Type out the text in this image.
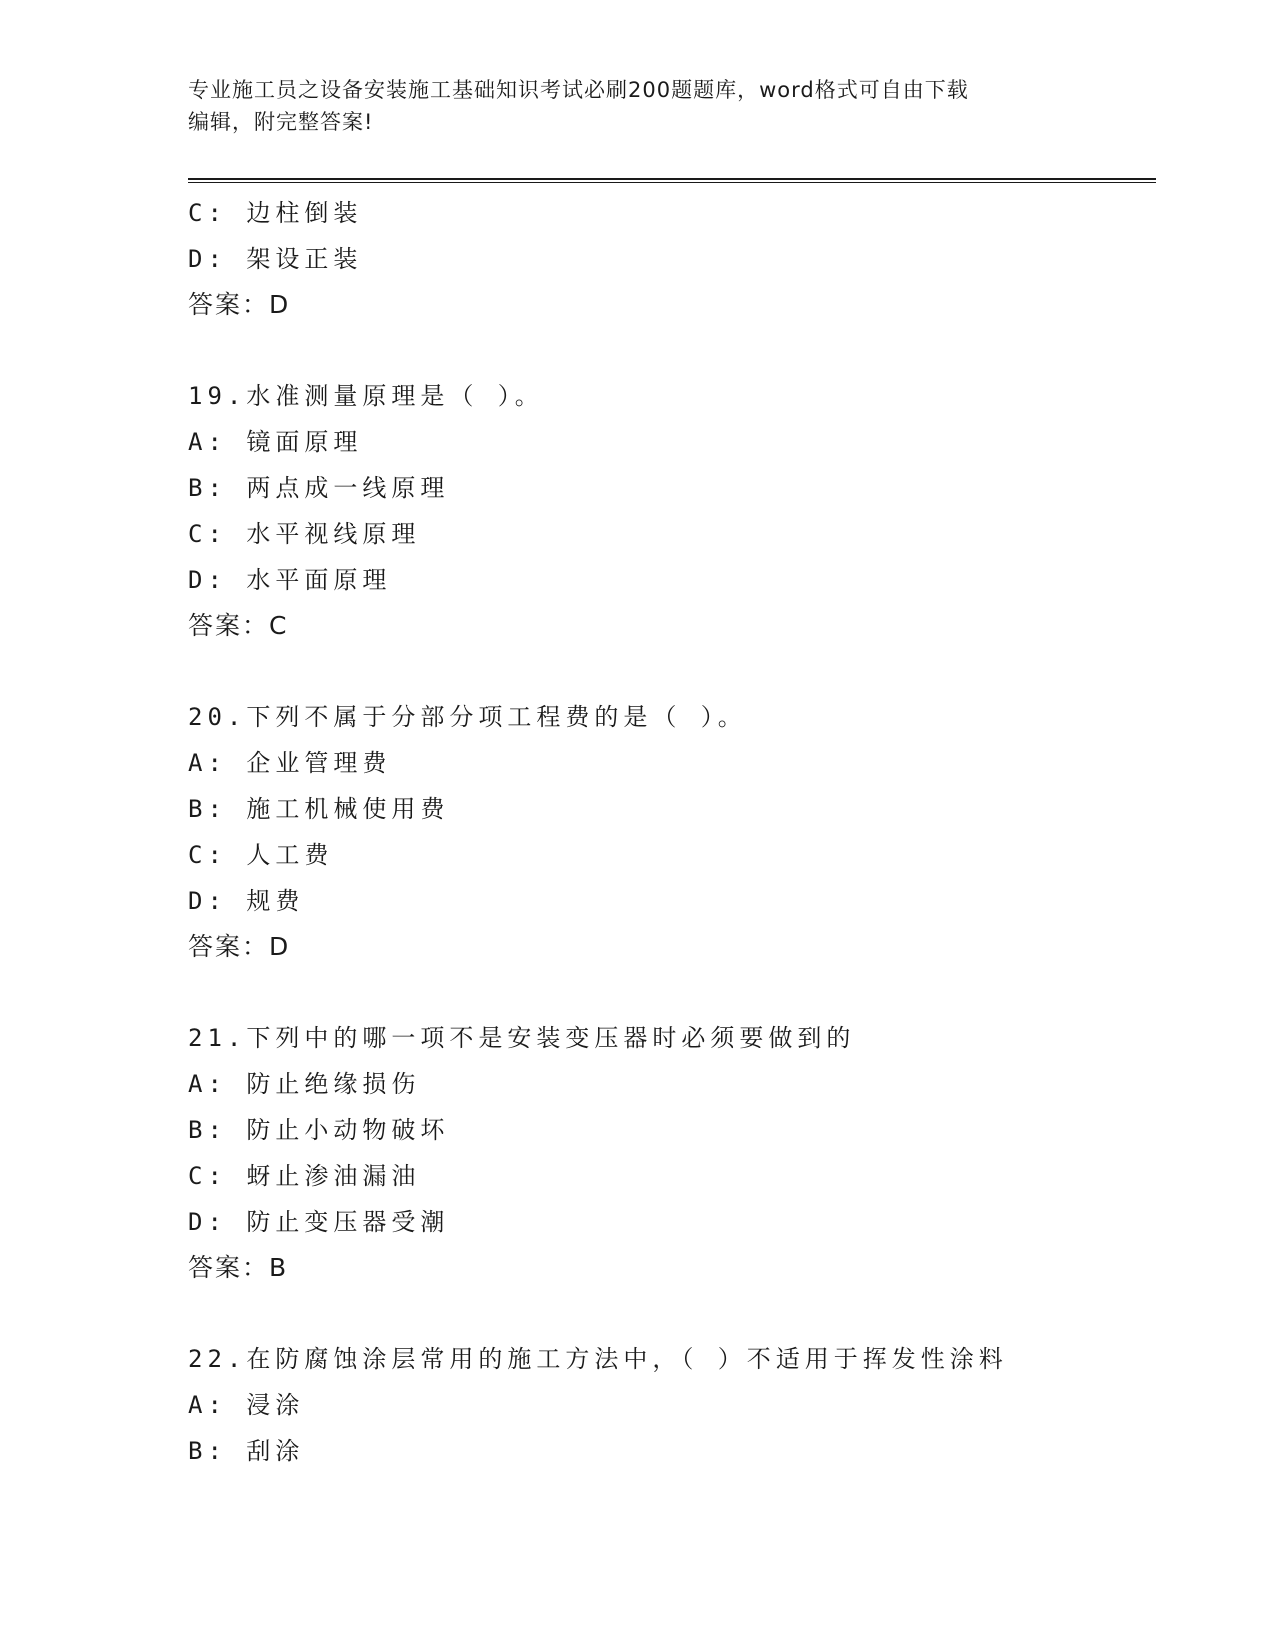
专业施工员之设备安装施工基础知识考试必刷200题题库，word格式可自由下载
编辑，附完整答案!
C: 边柱倒装
D: 架设正装
答案：D
19.水准测量原理是（ ）。
A: 镜面原理
B: 两点成一线原理
C: 水平视线原理
D: 水平面原理
答案：C
20.下列不属于分部分项工程费的是（ ）。
A: 企业管理费
B: 施工机械使用费
C: 人工费
D: 规费
答案：D
21.下列中的哪一项不是安装变压器时必须要做到的
A: 防止绝缘损伤
B: 防止小动物破坏
C: 蚜止渗油漏油
D: 防止变压器受潮
答案：B
22.在防腐蚀涂层常用的施工方法中，（ ）不适用于挥发性涂料
A: 浸涂
B: 刮涂
